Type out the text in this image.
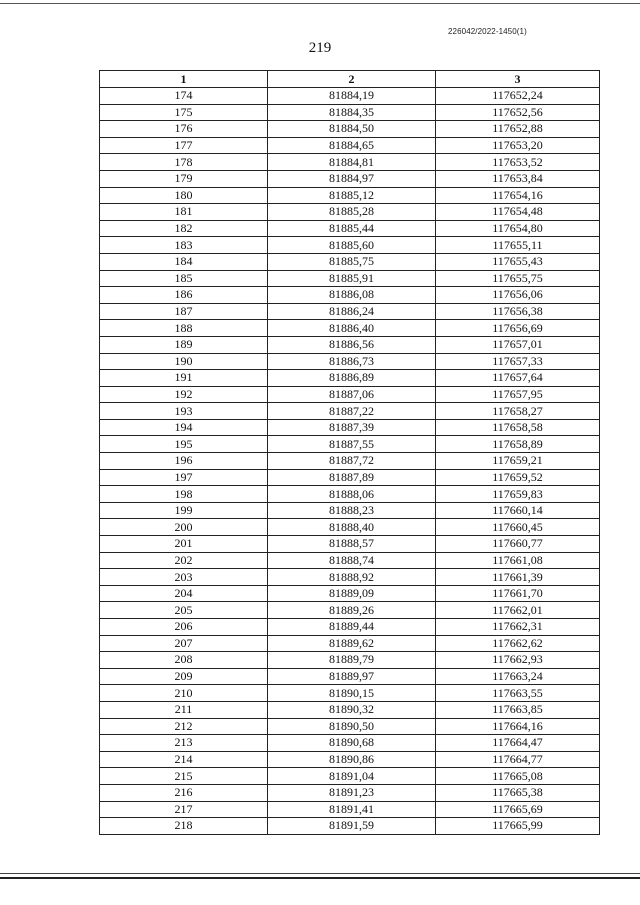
226042/2022-1450(1)
219
1	2	3
174	81884,19	117652,24
175	81884,35	117652,56
176	81884,50	117652,88
177	81884,65	117653,20
178	81884,81	117653,52
179	81884,97	117653,84
180	81885,12	117654,16
181	81885,28	117654,48
182	81885,44	117654,80
183	81885,60	117655,11
184	81885,75	117655,43
185	81885,91	117655,75
186	81886,08	117656,06
187	81886,24	117656,38
188	81886,40	117656,69
189	81886,56	117657,01
190	81886,73	117657,33
191	81886,89	117657,64
192	81887,06	117657,95
193	81887,22	117658,27
194	81887,39	117658,58
195	81887,55	117658,89
196	81887,72	117659,21
197	81887,89	117659,52
198	81888,06	117659,83
199	81888,23	117660,14
200	81888,40	117660,45
201	81888,57	117660,77
202	81888,74	117661,08
203	81888,92	117661,39
204	81889,09	117661,70
205	81889,26	117662,01
206	81889,44	117662,31
207	81889,62	117662,62
208	81889,79	117662,93
209	81889,97	117663,24
210	81890,15	117663,55
211	81890,32	117663,85
212	81890,50	117664,16
213	81890,68	117664,47
214	81890,86	117664,77
215	81891,04	117665,08
216	81891,23	117665,38
217	81891,41	117665,69
218	81891,59	117665,99
